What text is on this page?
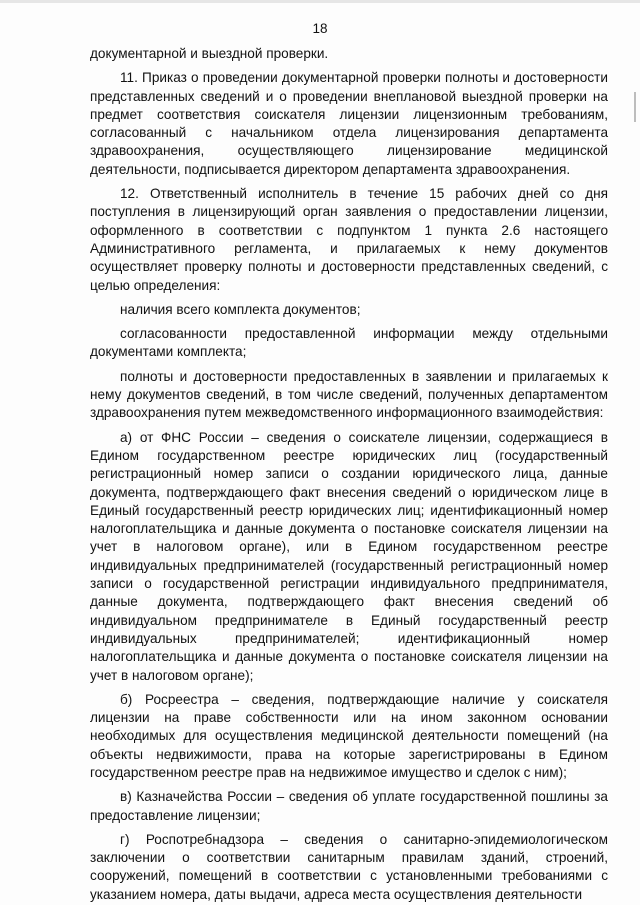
18

документарной и выездной проверки.

11. Приказ о проведении документарной проверки полноты и достоверности представленных сведений и о проведении внеплановой выездной проверки на предмет соответствия соискателя лицензии лицензионным требованиям, согласованный с начальником отдела лицензирования департамента здравоохранения, осуществляющего лицензирование медицинской деятельности, подписывается директором департамента здравоохранения.

12. Ответственный исполнитель в течение 15 рабочих дней со дня поступления в лицензирующий орган заявления о предоставлении лицензии, оформленного в соответствии с подпунктом 1 пункта 2.6 настоящего Административного регламента, и прилагаемых к нему документов осуществляет проверку полноты и достоверности представленных сведений, с целью определения:

наличия всего комплекта документов;

согласованности предоставленной информации между отдельными документами комплекта;

полноты и достоверности предоставленных в заявлении и прилагаемых к нему документов сведений, в том числе сведений, полученных департаментом здравоохранения путем межведомственного информационного взаимодействия:

а) от ФНС России – сведения о соискателе лицензии, содержащиеся в Едином государственном реестре юридических лиц (государственный регистрационный номер записи о создании юридического лица, данные документа, подтверждающего факт внесения сведений о юридическом лице в Единый государственный реестр юридических лиц; идентификационный номер налогоплательщика и данные документа о постановке соискателя лицензии на учет в налоговом органе), или в Едином государственном реестре индивидуальных предпринимателей (государственный регистрационный номер записи о государственной регистрации индивидуального предпринимателя, данные документа, подтверждающего факт внесения сведений об индивидуальном предпринимателе в Единый государственный реестр индивидуальных предпринимателей; идентификационный номер налогоплательщика и данные документа о постановке соискателя лицензии на учет в налоговом органе);

б) Росреестра – сведения, подтверждающие наличие у соискателя лицензии на праве собственности или на ином законном основании необходимых для осуществления медицинской деятельности помещений (на объекты недвижимости, права на которые зарегистрированы в Едином государственном реестре прав на недвижимое имущество и сделок с ним);

в) Казначейства России – сведения об уплате государственной пошлины за предоставление лицензии;

г) Роспотребнадзора – сведения о санитарно-эпидемиологическом заключении о соответствии санитарным правилам зданий, строений, сооружений, помещений в соответствии с установленными требованиями с указанием номера, даты выдачи, адреса места осуществления деятельности
